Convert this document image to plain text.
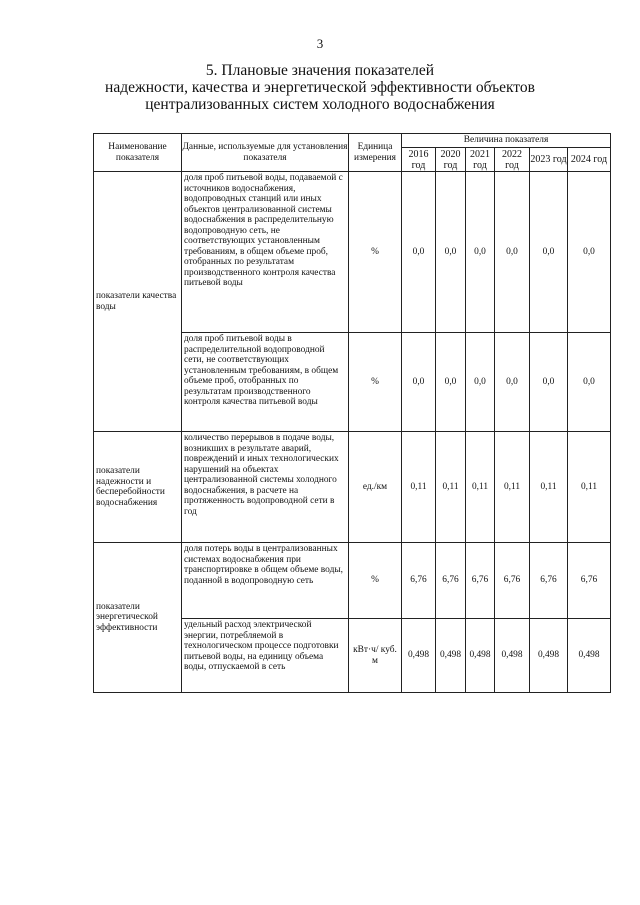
3
5. Плановые значения показателей
надежности, качества и энергетической эффективности объектов
централизованных систем холодного водоснабжения
Наименование показателя	Данные, используемые для установления показателя	Единица измерения	Величина показателя					
			2016 год	2020 год	2021 год	2022 год	2023 год	2024 год
показатели качества воды	доля проб питьевой воды, подаваемой с источников водоснабжения, водопроводных станций или иных объектов централизованной системы водоснабжения в распределительную водопроводную сеть, не соответствующих установленным требованиям, в общем объеме проб, отобранных по результатам производственного контроля качества питьевой воды	%	0,0	0,0	0,0	0,0	0,0	0,0
	доля проб питьевой воды в распределительной водопроводной сети, не соответствующих установленным требованиям, в общем объеме проб, отобранных по результатам производственного контроля качества питьевой воды	%	0,0	0,0	0,0	0,0	0,0	0,0
показатели надежности и бесперебойности водоснабжения	количество перерывов в подаче воды, возникших в результате аварий, повреждений и иных технологических нарушений на объектах централизованной системы холодного водоснабжения, в расчете на протяженность водопроводной сети в год	ед./км	0,11	0,11	0,11	0,11	0,11	0,11
показатели энергетической эффективности	доля потерь воды в централизованных системах водоснабжения при транспортировке в общем объеме воды, поданной в водопроводную сеть	%	6,76	6,76	6,76	6,76	6,76	6,76
	удельный расход электрической энергии, потребляемой в технологическом процессе подготовки питьевой воды, на единицу объема воды, отпускаемой в сеть	кВт·ч/ куб. м	0,498	0,498	0,498	0,498	0,498	0,498
